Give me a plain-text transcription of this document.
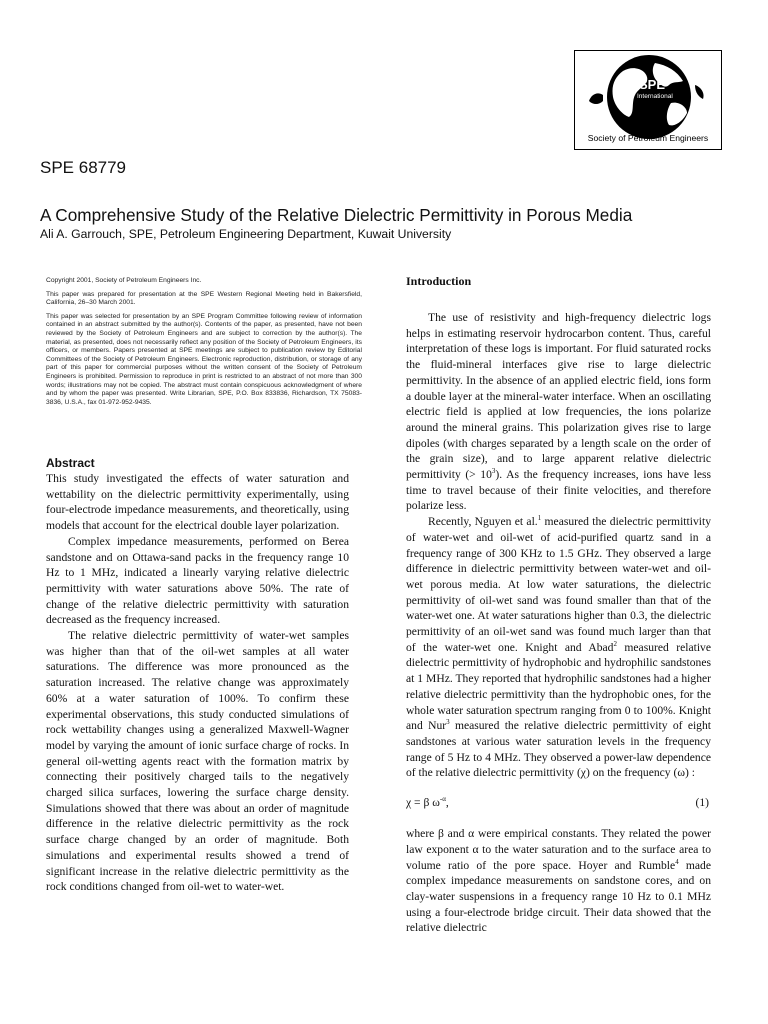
SPE
International
Society of Petroleum Engineers
SPE 68779
A Comprehensive Study of the Relative Dielectric Permittivity in Porous Media
Ali A. Garrouch, SPE, Petroleum Engineering Department, Kuwait University

Copyright 2001, Society of Petroleum Engineers Inc.

This paper was prepared for presentation at the SPE Western Regional Meeting held in Bakersfield, California, 26–30 March 2001.

This paper was selected for presentation by an SPE Program Committee following review of information contained in an abstract submitted by the author(s). Contents of the paper, as presented, have not been reviewed by the Society of Petroleum Engineers and are subject to correction by the author(s). The material, as presented, does not necessarily reflect any position of the Society of Petroleum Engineers, its officers, or members. Papers presented at SPE meetings are subject to publication review by Editorial Committees of the Society of Petroleum Engineers. Electronic reproduction, distribution, or storage of any part of this paper for commercial purposes without the written consent of the Society of Petroleum Engineers is prohibited. Permission to reproduce in print is restricted to an abstract of not more than 300 words; illustrations may not be copied. The abstract must contain conspicuous acknowledgment of where and by whom the paper was presented. Write Librarian, SPE, P.O. Box 833836, Richardson, TX 75083-3836, U.S.A., fax 01-972-952-9435.

Abstract

This study investigated the effects of water saturation and wettability on the dielectric permittivity experimentally, using four-electrode impedance measurements, and theoretically, using models that account for the electrical double layer polarization.

Complex impedance measurements, performed on Berea sandstone and on Ottawa-sand packs in the frequency range 10 Hz to 1 MHz, indicated a linearly varying relative dielectric permittivity with water saturations above 50%. The rate of change of the relative dielectric permittivity with saturation decreased as the frequency increased.

The relative dielectric permittivity of water-wet samples was higher than that of the oil-wet samples at all water saturations. The difference was more pronounced as the saturation increased. The relative change was approximately 60% at a water saturation of 100%. To confirm these experimental observations, this study conducted simulations of rock wettability changes using a generalized Maxwell-Wagner model by varying the amount of ionic surface charge of rocks. In general oil-wetting agents react with the formation matrix by connecting their positively charged tails to the negatively charged silica surfaces, lowering the surface charge density. Simulations showed that there was about an order of magnitude difference in the relative dielectric permittivity as the rock surface charge changed by an order of magnitude. Both simulations and experimental results showed a trend of significant increase in the relative dielectric permittivity as the rock conditions changed from oil-wet to water-wet.

Introduction

The use of resistivity and high-frequency dielectric logs helps in estimating reservoir hydrocarbon content. Thus, careful interpretation of these logs is important. For fluid saturated rocks the fluid-mineral interfaces give rise to large dielectric permittivity. In the absence of an applied electric field, ions form a double layer at the mineral-water interface. When an oscillating electric field is applied at low frequencies, the ions polarize around the mineral grains. This polarization gives rise to large dipoles (with charges separated by a length scale on the order of the grain size), and to large apparent relative dielectric permittivity (> $10^3$). As the frequency increases, ions have less time to travel because of their finite velocities, and therefore polarize less.

Recently, Nguyen et al.$^1$ measured the dielectric permittivity of water-wet and oil-wet of acid-purified quartz sand in a frequency range of 300 KHz to 1.5 GHz. They observed a large difference in dielectric permittivity between water-wet and oil-wet porous media. At low water saturations, the dielectric permittivity of oil-wet sand was found smaller than that of the water-wet one. At water saturations higher than 0.3, the dielectric permittivity of an oil-wet sand was found much larger than that of the water-wet one. Knight and Abad$^2$ measured relative dielectric permittivity of hydrophobic and hydrophilic sandstones at 1 MHz. They reported that hydrophilic sandstones had a higher relative dielectric permittivity than the hydrophobic ones, for the whole water saturation spectrum ranging from 0 to 100%. Knight and Nur$^3$ measured the relative dielectric permittivity of eight sandstones at various water saturation levels in the frequency range of 5 Hz to 4 MHz. They observed a power-law dependence of the relative dielectric permittivity (χ) on the frequency (ω) :

χ = β $\omega^{-\alpha}$,	(1)

where β and α were empirical constants. They related the power law exponent α to the water saturation and to the surface area to volume ratio of the pore space. Hoyer and Rumble$^4$ made complex impedance measurements on sandstone cores, and on clay-water suspensions in a frequency range 10 Hz to 0.1 MHz using a four-electrode bridge circuit. Their data showed that the relative dielectric
